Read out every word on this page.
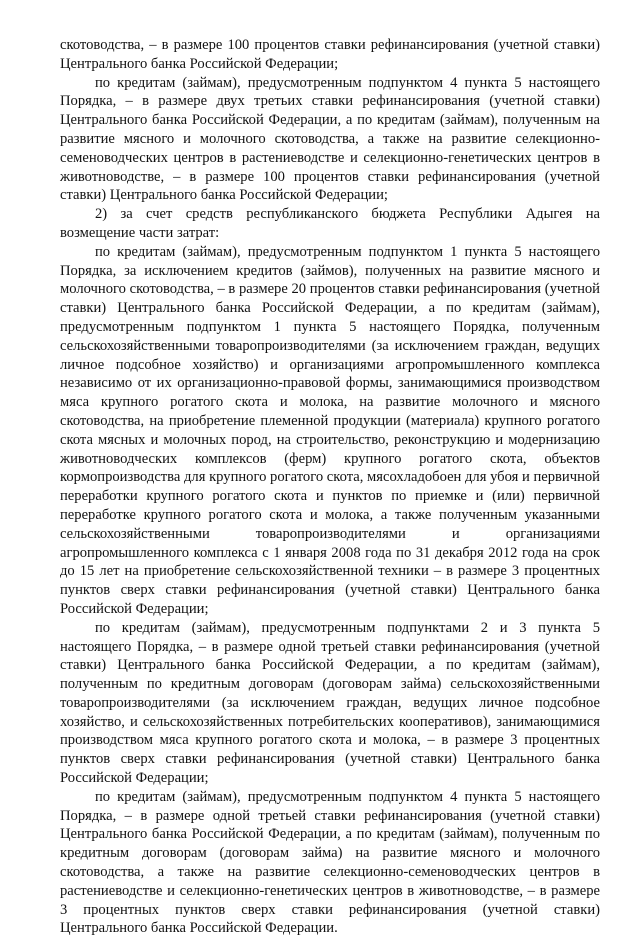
скотоводства, – в размере 100 процентов ставки рефинансирования (учетной ставки) Центрального банка Российской Федерации;

по кредитам (займам), предусмотренным подпунктом 4 пункта 5 настоящего Порядка, – в размере двух третьих ставки рефинансирования (учетной ставки) Центрального банка Российской Федерации, а по кредитам (займам), полученным на развитие мясного и молочного скотоводства, а также на развитие селекционно-семеноводческих центров в растениеводстве и селекционно-генетических центров в животноводстве, – в размере 100 процентов ставки рефинансирования (учетной ставки) Центрального банка Российской Федерации;

2) за счет средств республиканского бюджета Республики Адыгея на возмещение части затрат:

по кредитам (займам), предусмотренным подпунктом 1 пункта 5 настоящего Порядка, за исключением кредитов (займов), полученных на развитие мясного и молочного скотоводства, – в размере 20 процентов ставки рефинансирования (учетной ставки) Центрального банка Российской Федерации, а по кредитам (займам), предусмотренным подпунктом 1 пункта 5 настоящего Порядка, полученным сельскохозяйственными товаропроизводителями (за исключением граждан, ведущих личное подсобное хозяйство) и организациями агропромышленного комплекса независимо от их организационно-правовой формы, занимающимися производством мяса крупного рогатого скота и молока, на развитие молочного и мясного скотоводства, на приобретение племенной продукции (материала) крупного рогатого скота мясных и молочных пород, на строительство, реконструкцию и модернизацию животноводческих комплексов (ферм) крупного рогатого скота, объектов кормопроизводства для крупного рогатого скота, мясохладобоен для убоя и первичной переработки крупного рогатого скота и пунктов по приемке и (или) первичной переработке крупного рогатого скота и молока, а также полученным указанными сельскохозяйственными товаропроизводителями и организациями агропромышленного комплекса с 1 января 2008 года по 31 декабря 2012 года на срок до 15 лет на приобретение сельскохозяйственной техники – в размере 3 процентных пунктов сверх ставки рефинансирования (учетной ставки) Центрального банка Российской Федерации;

по кредитам (займам), предусмотренным подпунктами 2 и 3 пункта 5 настоящего Порядка, – в размере одной третьей ставки рефинансирования (учетной ставки) Центрального банка Российской Федерации, а по кредитам (займам), полученным по кредитным договорам (договорам займа) сельскохозяйственными товаропроизводителями (за исключением граждан, ведущих личное подсобное хозяйство, и сельскохозяйственных потребительских кооперативов), занимающимися производством мяса крупного рогатого скота и молока, – в размере 3 процентных пунктов сверх ставки рефинансирования (учетной ставки) Центрального банка Российской Федерации;

по кредитам (займам), предусмотренным подпунктом 4 пункта 5 настоящего Порядка, – в размере одной третьей ставки рефинансирования (учетной ставки) Центрального банка Российской Федерации, а по кредитам (займам), полученным по кредитным договорам (договорам займа) на развитие мясного и молочного скотоводства, а также на развитие селекционно-семеноводческих центров в растениеводстве и селекционно-генетических центров в животноводстве, – в размере 3 процентных пунктов сверх ставки рефинансирования (учетной ставки) Центрального банка Российской Федерации.
